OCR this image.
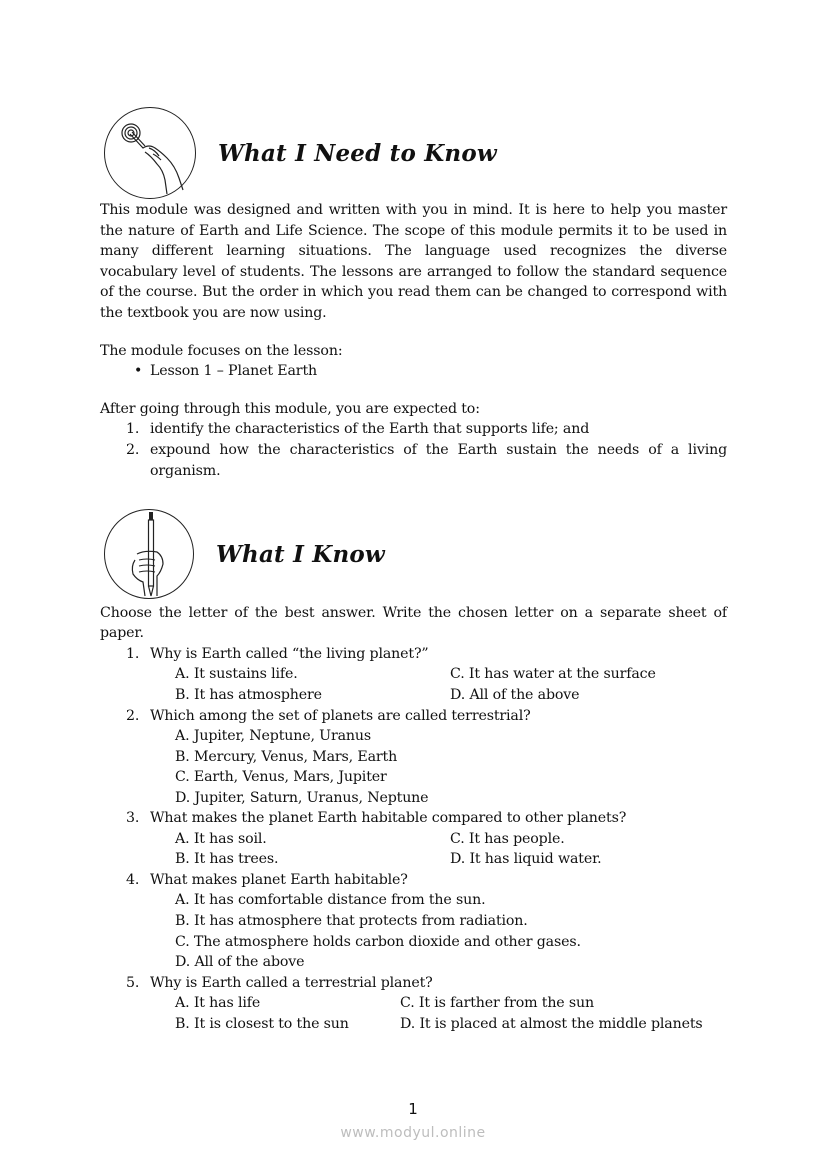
What I Need to Know
This module was designed and written with you in mind. It is here to help you master the nature of Earth and Life Science. The scope of this module permits it to be used in many different learning situations. The language used recognizes the diverse vocabulary level of students. The lessons are arranged to follow the standard sequence of the course. But the order in which you read them can be changed to correspond with the textbook you are now using.
The module focuses on the lesson:
• Lesson 1 – Planet Earth
After going through this module, you are expected to:
1. identify the characteristics of the Earth that supports life; and
2. expound how the characteristics of the Earth sustain the needs of a living
organism.
What I Know
Choose the letter of the best answer. Write the chosen letter on a separate sheet of
paper.
1. Why is Earth called “the living planet?”
A. It sustains life.	C. It has water at the surface
B. It has atmosphere	D. All of the above
2. Which among the set of planets are called terrestrial?
A. Jupiter, Neptune, Uranus
B. Mercury, Venus, Mars, Earth
C. Earth, Venus, Mars, Jupiter
D. Jupiter, Saturn, Uranus, Neptune
3. What makes the planet Earth habitable compared to other planets?
A. It has soil.	C. It has people.
B. It has trees.	D. It has liquid water.
4. What makes planet Earth habitable?
A. It has comfortable distance from the sun.
B. It has atmosphere that protects from radiation.
C. The atmosphere holds carbon dioxide and other gases.
D. All of the above
5. Why is Earth called a terrestrial planet?
A. It has life	C. It is farther from the sun
B. It is closest to the sun	D. It is placed at almost the middle planets
1
www.modyul.online
